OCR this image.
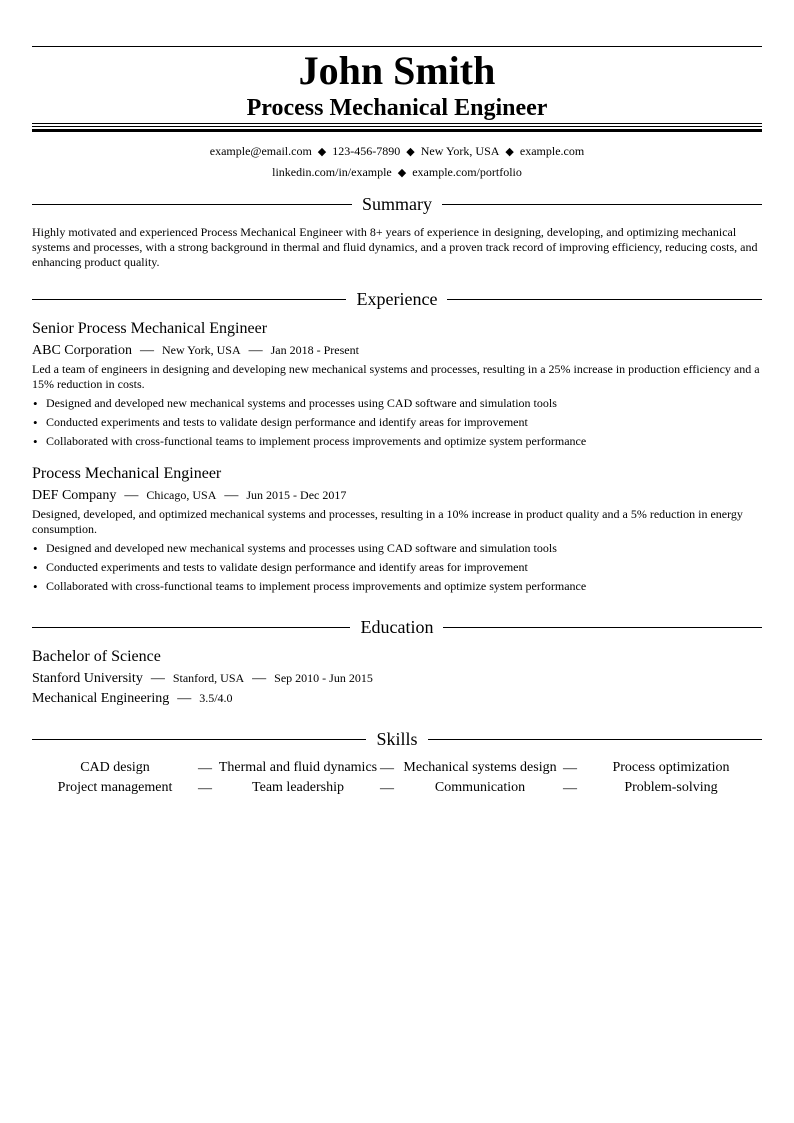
John Smith
Process Mechanical Engineer
example@email.com ◆ 123-456-7890 ◆ New York, USA ◆ example.com
linkedin.com/in/example ◆ example.com/portfolio
Summary
Highly motivated and experienced Process Mechanical Engineer with 8+ years of experience in designing, developing, and optimizing mechanical systems and processes, with a strong background in thermal and fluid dynamics, and a proven track record of improving efficiency, reducing costs, and enhancing product quality.
Experience
Senior Process Mechanical Engineer
ABC Corporation — New York, USA — Jan 2018 - Present
Led a team of engineers in designing and developing new mechanical systems and processes, resulting in a 25% increase in production efficiency and a 15% reduction in costs.
• Designed and developed new mechanical systems and processes using CAD software and simulation tools
• Conducted experiments and tests to validate design performance and identify areas for improvement
• Collaborated with cross-functional teams to implement process improvements and optimize system performance
Process Mechanical Engineer
DEF Company — Chicago, USA — Jun 2015 - Dec 2017
Designed, developed, and optimized mechanical systems and processes, resulting in a 10% increase in product quality and a 5% reduction in energy consumption.
• Designed and developed new mechanical systems and processes using CAD software and simulation tools
• Conducted experiments and tests to validate design performance and identify areas for improvement
• Collaborated with cross-functional teams to implement process improvements and optimize system performance
Education
Bachelor of Science
Stanford University — Stanford, USA — Sep 2010 - Jun 2015
Mechanical Engineering — 3.5/4.0
Skills
CAD design	— Thermal and fluid dynamics — Mechanical systems design —	Process optimization
Project management	—	Team leadership	—	Communication	—	Problem-solving
